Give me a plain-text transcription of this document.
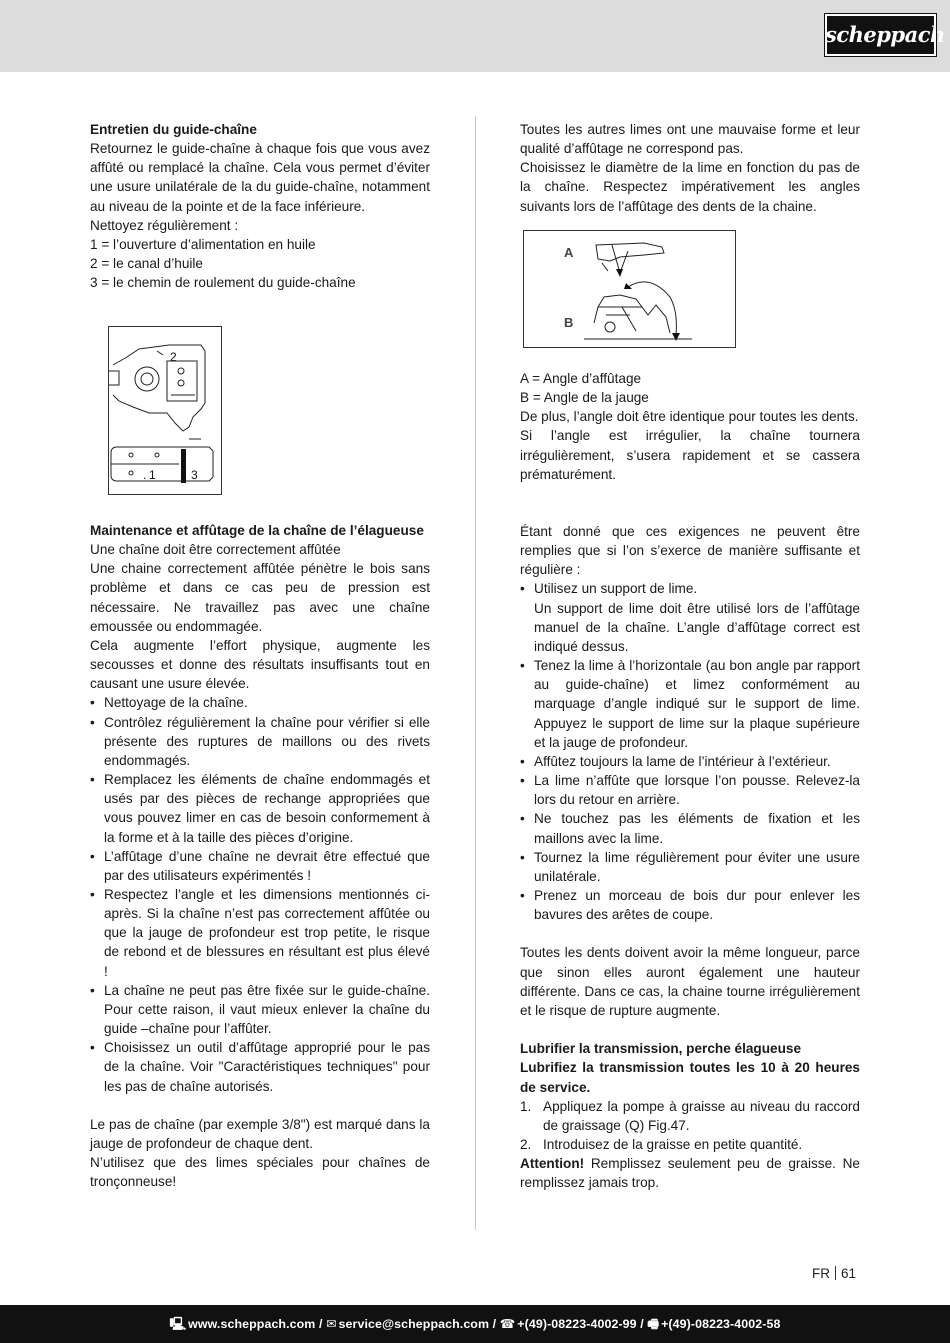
scheppach

Entretien du guide-chaîne

Retournez le guide-chaîne à chaque fois que vous avez affûté ou remplacé la chaîne. Cela vous permet d’éviter une usure unilatérale de la du guide-chaîne, notamment au niveau de la pointe et de la face inférieure.

Nettoyez régulièrement :

1 = l’ouverture d’alimentation en huile

2 = le canal d’huile

3 = le chemin de roulement du guide-chaîne

2
. 1	3

Maintenance et affûtage de la chaîne de l’élagueuse

Une chaîne doit être correctement affûtée

Une chaine correctement affûtée pénètre le bois sans problème et dans ce cas peu de pression est nécessaire. Ne travaillez pas avec une chaîne emoussée ou endommagée.

Cela augmente l’effort physique, augmente les secousses et donne des résultats insuffisants tout en causant une usure élevée.

• Nettoyage de la chaîne.
• Contrôlez régulièrement la chaîne pour vérifier si elle présente des ruptures de maillons ou des rivets endommagés.
• Remplacez les éléments de chaîne endommagés et usés par des pièces de rechange appropriées que vous pouvez limer en cas de besoin conformement à la forme et à la taille des pièces d’origine.
• L’affûtage d’une chaîne ne devrait être effectué que par des utilisateurs expérimentés !
• Respectez l’angle et les dimensions mentionnés ci-après. Si la chaîne n’est pas correctement affûtée ou que la jauge de profondeur est trop petite, le risque de rebond et de blessures en résultant est plus élevé !
• La chaîne ne peut pas être fixée sur le guide-chaîne. Pour cette raison, il vaut mieux enlever la chaîne du guide –chaîne pour l’affûter.
• Choisissez un outil d’affûtage approprié pour le pas de la chaîne. Voir "Caractéristiques techniques" pour les pas de chaîne autorisés.

Le pas de chaîne (par exemple 3/8") est marqué dans la jauge de profondeur de chaque dent.

N’utilisez que des limes spéciales pour chaînes de tronçonneuse!

Toutes les autres limes ont une mauvaise forme et leur qualité d’affûtage ne correspond pas.

Choisissez le diamètre de la lime en fonction du pas de la chaîne. Respectez impérativement les angles suivants lors de l’affûtage des dents de la chaine.

A
B

A = Angle d’affûtage

B = Angle de la jauge

De plus, l’angle doit être identique pour toutes les dents.

Si l’angle est irrégulier, la chaîne tournera irrégulièrement, s’usera rapidement et se cassera prématurément.

Étant donné que ces exigences ne peuvent être remplies que si l’on s’exerce de manière suffisante et régulière :

• Utilisez un support de lime.
Un support de lime doit être utilisé lors de l’affûtage manuel de la chaîne. L’angle d’affûtage correct est indiqué dessus.
• Tenez la lime à l’horizontale (au bon angle par rapport au guide-chaîne) et limez conformément au marquage d’angle indiqué sur le support de lime. Appuyez le support de lime sur la plaque supérieure et la jauge de profondeur.
• Affûtez toujours la lame de l’intérieur à l’extérieur.
• La lime n’affûte que lorsque l’on pousse. Relevez-la lors du retour en arrière.
• Ne touchez pas les éléments de fixation et les maillons avec la lime.
• Tournez la lime régulièrement pour éviter une usure unilatérale.
• Prenez un morceau de bois dur pour enlever les bavures des arêtes de coupe.

Toutes les dents doivent avoir la même longueur, parce que sinon elles auront également une hauteur différente. Dans ce cas, la chaine tourne irrégulièrement et le risque de rupture augmente.

Lubrifier la transmission, perche élagueuse

Lubrifiez la transmission toutes les 10 à 20 heures de service.

1. Appliquez la pompe à graisse au niveau du raccord de graissage (Q) Fig.47.
2. Introduisez de la graisse en petite quantité.

Attention! Remplissez seulement peu de graisse. Ne remplissez jamais trop.

FR 61
🖳 www.scheppach.com / ✉ service@scheppach.com / ☎ +(49)-08223-4002-99 / 🖷 +(49)-08223-4002-58
